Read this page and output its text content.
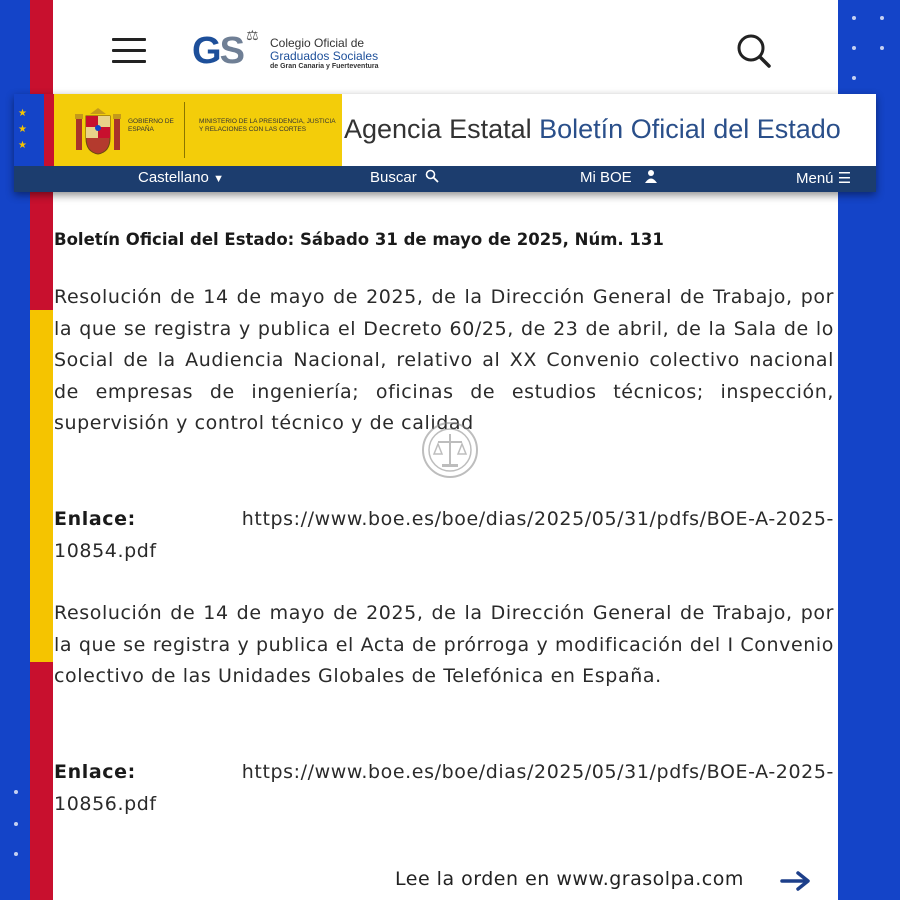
GS ⚖ Colegio Oficial de
Graduados Sociales
de Gran Canaria y Fuerteventura
★
★
★
GOBIERNO DE ESPAÑA
MINISTERIO DE LA PRESIDENCIA, JUSTICIA Y RELACIONES CON LAS CORTES	Agencia Estatal Boletín Oficial del Estado
Castellano ▼	Buscar	Mi BOE	Menú ☰
Boletín Oficial del Estado: Sábado 31 de mayo de 2025, Núm. 131
Resolución de 14 de mayo de 2025, de la Dirección General de Trabajo, por la que se registra y publica el Decreto 60/25, de 23 de abril, de la Sala de lo Social de la Audiencia Nacional, relativo al XX Convenio colectivo nacional de empresas de ingeniería; oficinas de estudios técnicos; inspección, supervisión y control técnico y de calidad
Enlace:	https://www.boe.es/boe/dias/2025/05/31/pdfs/BOE-A-2025-10854.pdf
Resolución de 14 de mayo de 2025, de la Dirección General de Trabajo, por la que se registra y publica el Acta de prórroga y modificación del I Convenio colectivo de las Unidades Globales de Telefónica en España.
Enlace:	https://www.boe.es/boe/dias/2025/05/31/pdfs/BOE-A-2025-10856.pdf
Lee la orden en www.grasolpa.com
